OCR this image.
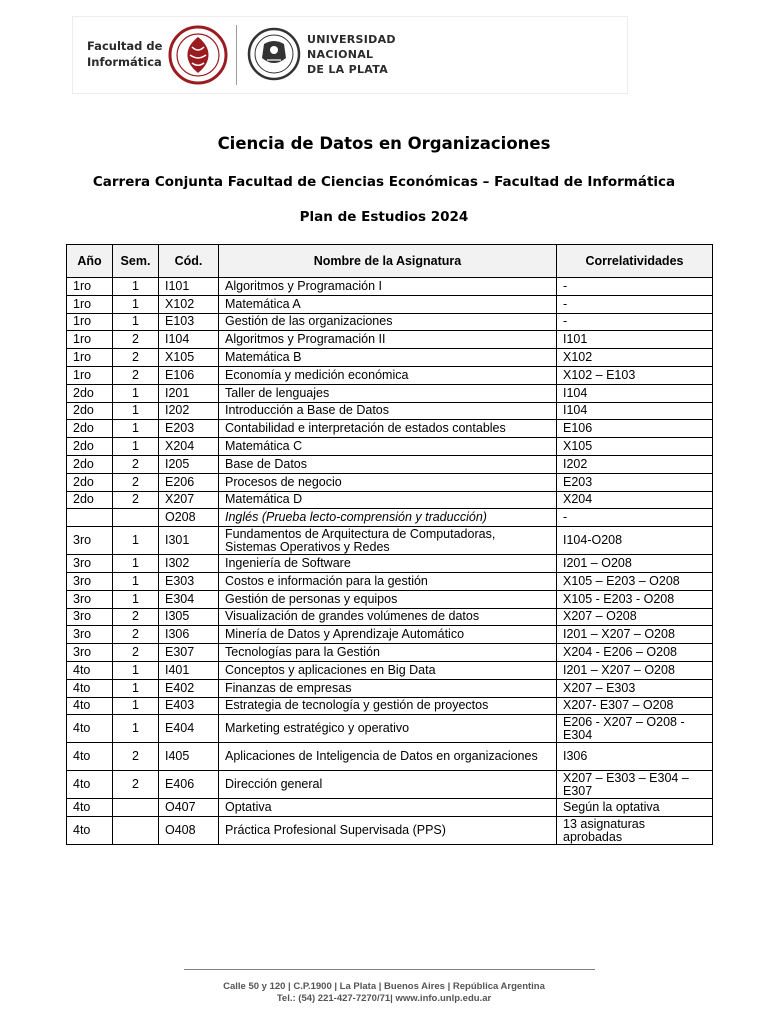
Facultad de
Informática
UNIVERSIDAD
NACIONAL
DE LA PLATA
Ciencia de Datos en Organizaciones
Carrera Conjunta Facultad de Ciencias Económicas – Facultad de Informática
Plan de Estudios 2024
Año	Sem.	Cód.	Nombre de la Asignatura	Correlatividades
1ro	1	I101	Algoritmos y Programación I	-
1ro	1	X102	Matemática A	-
1ro	1	E103	Gestión de las organizaciones	-
1ro	2	I104	Algoritmos y Programación II	I101
1ro	2	X105	Matemática B	X102
1ro	2	E106	Economía y medición económica	X102 – E103
2do	1	I201	Taller de lenguajes	I104
2do	1	I202	Introducción a Base de Datos	I104
2do	1	E203	Contabilidad e interpretación de estados contables	E106
2do	1	X204	Matemática C	X105
2do	2	I205	Base de Datos	I202
2do	2	E206	Procesos de negocio	E203
2do	2	X207	Matemática D	X204
		O208	Inglés (Prueba lecto-comprensión y traducción)	-
3ro	1	I301	Fundamentos de Arquitectura de Computadoras, Sistemas Operativos y Redes	I104-O208
3ro	1	I302	Ingeniería de Software	I201 – O208
3ro	1	E303	Costos e información para la gestión	X105 – E203 – O208
3ro	1	E304	Gestión de personas y equipos	X105 - E203 - O208
3ro	2	I305	Visualización de grandes volúmenes de datos	X207 – O208
3ro	2	I306	Minería de Datos y Aprendizaje Automático	I201 – X207 – O208
3ro	2	E307	Tecnologías para la Gestión	X204 - E206 – O208
4to	1	I401	Conceptos y aplicaciones en Big Data	I201 – X207 – O208
4to	1	E402	Finanzas de empresas	X207 – E303
4to	1	E403	Estrategia de tecnología y gestión de proyectos	X207- E307 – O208
4to	1	E404	Marketing estratégico y operativo	E206 - X207 – O208 - E304
4to	2	I405	Aplicaciones de Inteligencia de Datos en organizaciones	I306
4to	2	E406	Dirección general	X207 – E303 – E304 – E307
4to		O407	Optativa	Según la optativa
4to		O408	Práctica Profesional Supervisada (PPS)	13 asignaturas aprobadas
Calle 50 y 120 | C.P.1900 | La Plata | Buenos Aires | República Argentina
Tel.: (54) 221-427-7270/71| www.info.unlp.edu.ar
